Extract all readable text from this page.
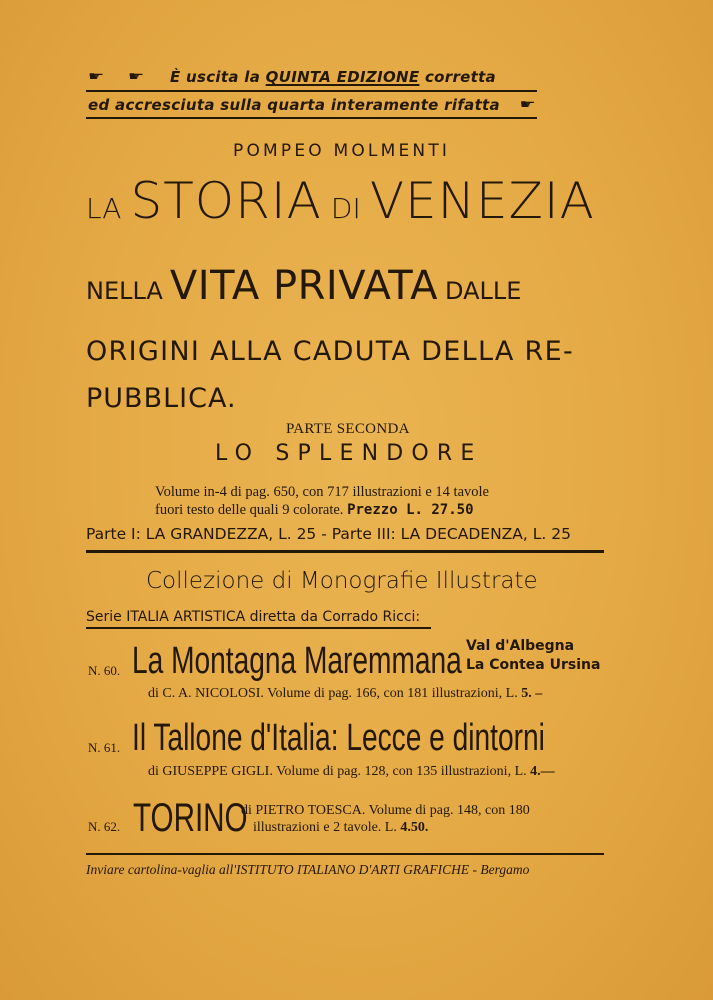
☛ ☛ È uscita la QUINTA EDIZIONE corretta
ed accresciuta sulla quarta interamente rifatta ☛
POMPEO MOLMENTI
LA STORIA DI VENEZIA
NELLA VITA PRIVATA DALLE
ORIGINI ALLA CADUTA DELLA RE-
PUBBLICA.
PARTE SECONDA
LO SPLENDORE
Volume in-4 di pag. 650, con 717 illustrazioni e 14 tavole
fuori testo delle quali 9 colorate. Prezzo L. 27.50
Parte I: LA GRANDEZZA, L. 25 - Parte III: LA DECADENZA, L. 25
Collezione di Monografie Illustrate
Serie ITALIA ARTISTICA diretta da Corrado Ricci:
N. 60. La Montagna Maremmana Val d'Albegna
La Contea Ursina
di C. A. NICOLOSI. Volume di pag. 166, con 181 illustrazioni, L. 5. –
N. 61. Il Tallone d'Italia: Lecce e dintorni
di GIUSEPPE GIGLI. Volume di pag. 128, con 135 illustrazioni, L. 4.—
N. 62. TORINO
di PIETRO TOESCA. Volume di pag. 148, con 180
illustrazioni e 2 tavole. L. 4.50.
Inviare cartolina-vaglia all'ISTITUTO ITALIANO D'ARTI GRAFICHE - Bergamo
